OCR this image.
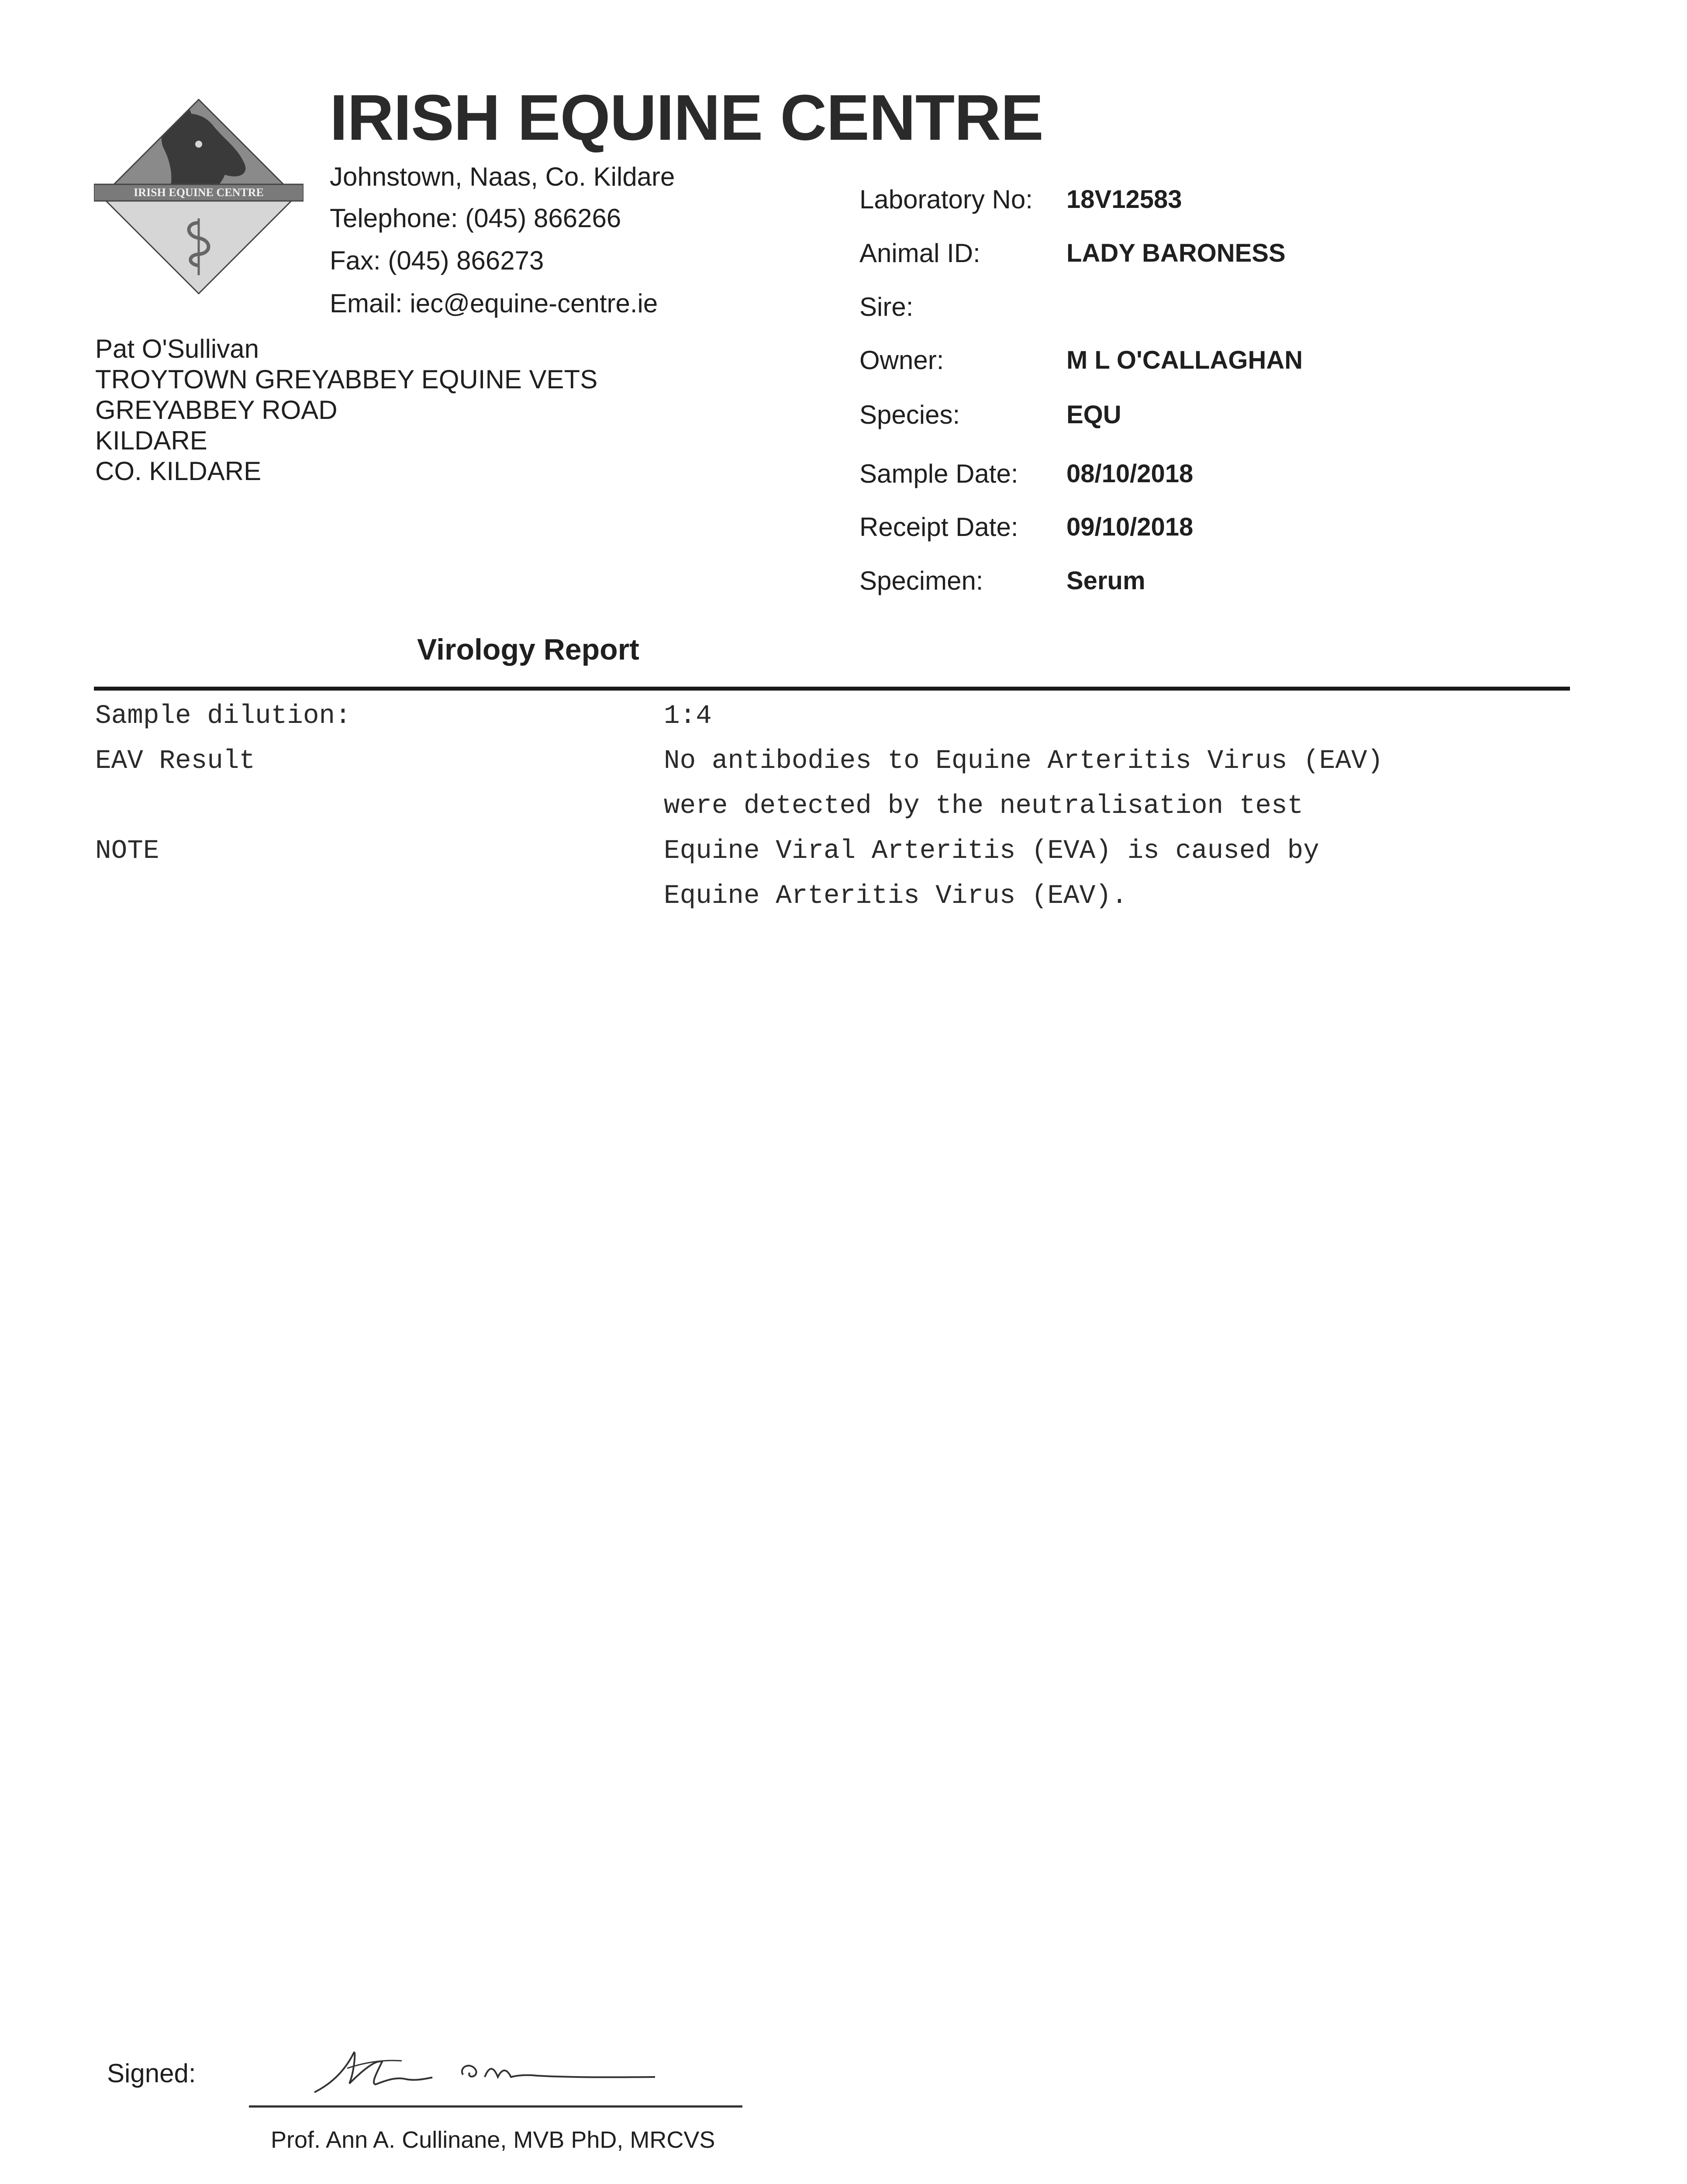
IRISH EQUINE CENTRE
IRISH EQUINE CENTRE
Johnstown, Naas, Co. Kildare
Telephone: (045) 866266
Fax: (045) 866273
Email: iec@equine-centre.ie
Pat O'Sullivan
TROYTOWN GREYABBEY EQUINE VETS
GREYABBEY ROAD
KILDARE
CO. KILDARE
Laboratory No: 18V12583
Animal ID:	LADY BARONESS
Sire:
Owner:	M L O'CALLAGHAN
Species:	EQU
Sample Date: 08/10/2018
Receipt Date: 09/10/2018
Specimen:	Serum
Virology Report
Sample dilution:	1:4
EAV Result	No antibodies to Equine Arteritis Virus (EAV)
were detected by the neutralisation test
NOTE	Equine Viral Arteritis (EVA) is caused by
Equine Arteritis Virus (EAV).
Signed:
Prof. Ann A. Cullinane, MVB PhD, MRCVS
